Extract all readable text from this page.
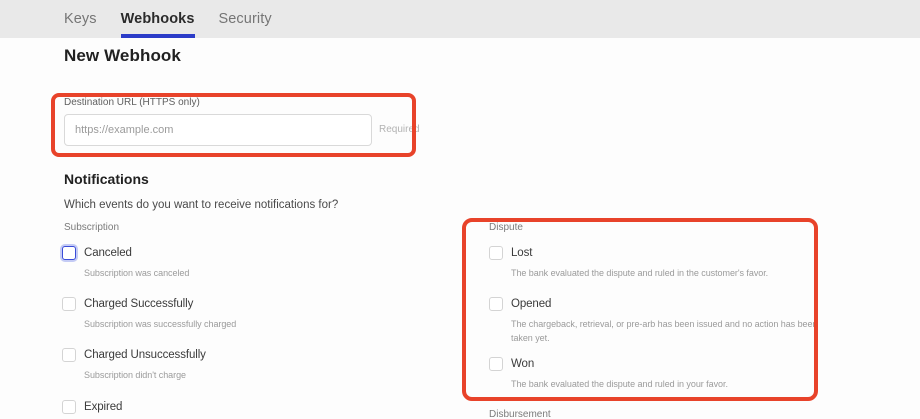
Keys Webhooks Security
New Webhook
Destination URL (HTTPS only)
https://example.com
Required
Notifications
Which events do you want to receive notifications for?
Subscription
Canceled
Subscription was canceled
Charged Successfully
Subscription was successfully charged
Charged Unsuccessfully
Subscription didn't charge
Expired
Dispute
Lost
The bank evaluated the dispute and ruled in the customer's favor.
Opened
The chargeback, retrieval, or pre-arb has been issued and no action has been taken yet.
Won
The bank evaluated the dispute and ruled in your favor.
Disbursement
